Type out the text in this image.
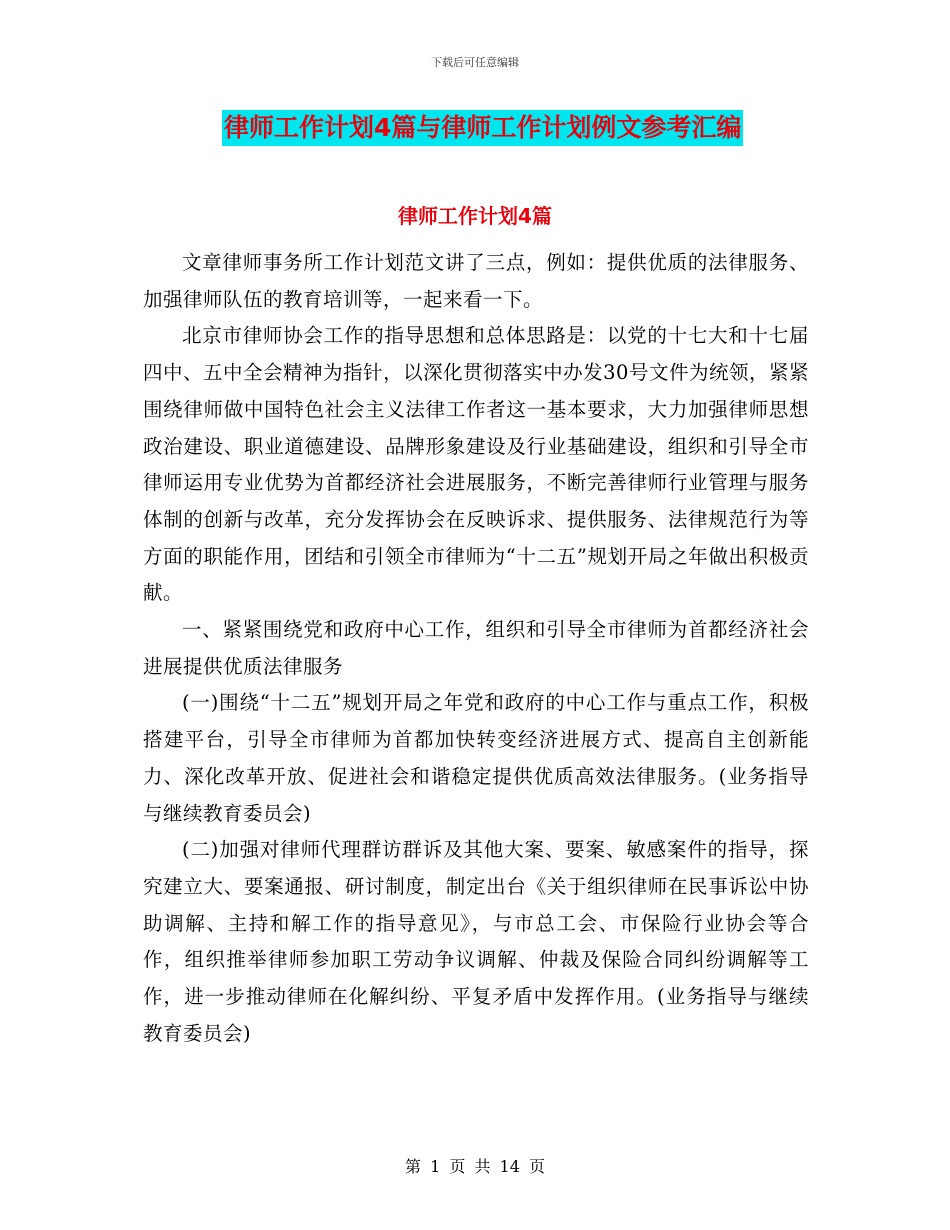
下载后可任意编辑
律师工作计划4篇与律师工作计划例文参考汇编
律师工作计划4篇

文章律师事务所工作计划范文讲了三点，例如：提供优质的法律服务、加强律师队伍的教育培训等，一起来看一下。

北京市律师协会工作的指导思想和总体思路是：以党的十七大和十七届四中、五中全会精神为指针，以深化贯彻落实中办发30号文件为统领，紧紧围绕律师做中国特色社会主义法律工作者这一基本要求，大力加强律师思想政治建设、职业道德建设、品牌形象建设及行业基础建设，组织和引导全市律师运用专业优势为首都经济社会进展服务，不断完善律师行业管理与服务体制的创新与改革，充分发挥协会在反映诉求、提供服务、法律规范行为等方面的职能作用，团结和引领全市律师为“十二五”规划开局之年做出积极贡献。

一、紧紧围绕党和政府中心工作，组织和引导全市律师为首都经济社会进展提供优质法律服务

(一)围绕“十二五”规划开局之年党和政府的中心工作与重点工作，积极搭建平台，引导全市律师为首都加快转变经济进展方式、提高自主创新能力、深化改革开放、促进社会和谐稳定提供优质高效法律服务。(业务指导与继续教育委员会)

(二)加强对律师代理群访群诉及其他大案、要案、敏感案件的指导，探究建立大、要案通报、研讨制度，制定出台《关于组织律师在民事诉讼中协助调解、主持和解工作的指导意见》，与市总工会、市保险行业协会等合作，组织推举律师参加职工劳动争议调解、仲裁及保险合同纠纷调解等工作，进一步推动律师在化解纠纷、平复矛盾中发挥作用。(业务指导与继续教育委员会)

第 1 页 共 14 页
